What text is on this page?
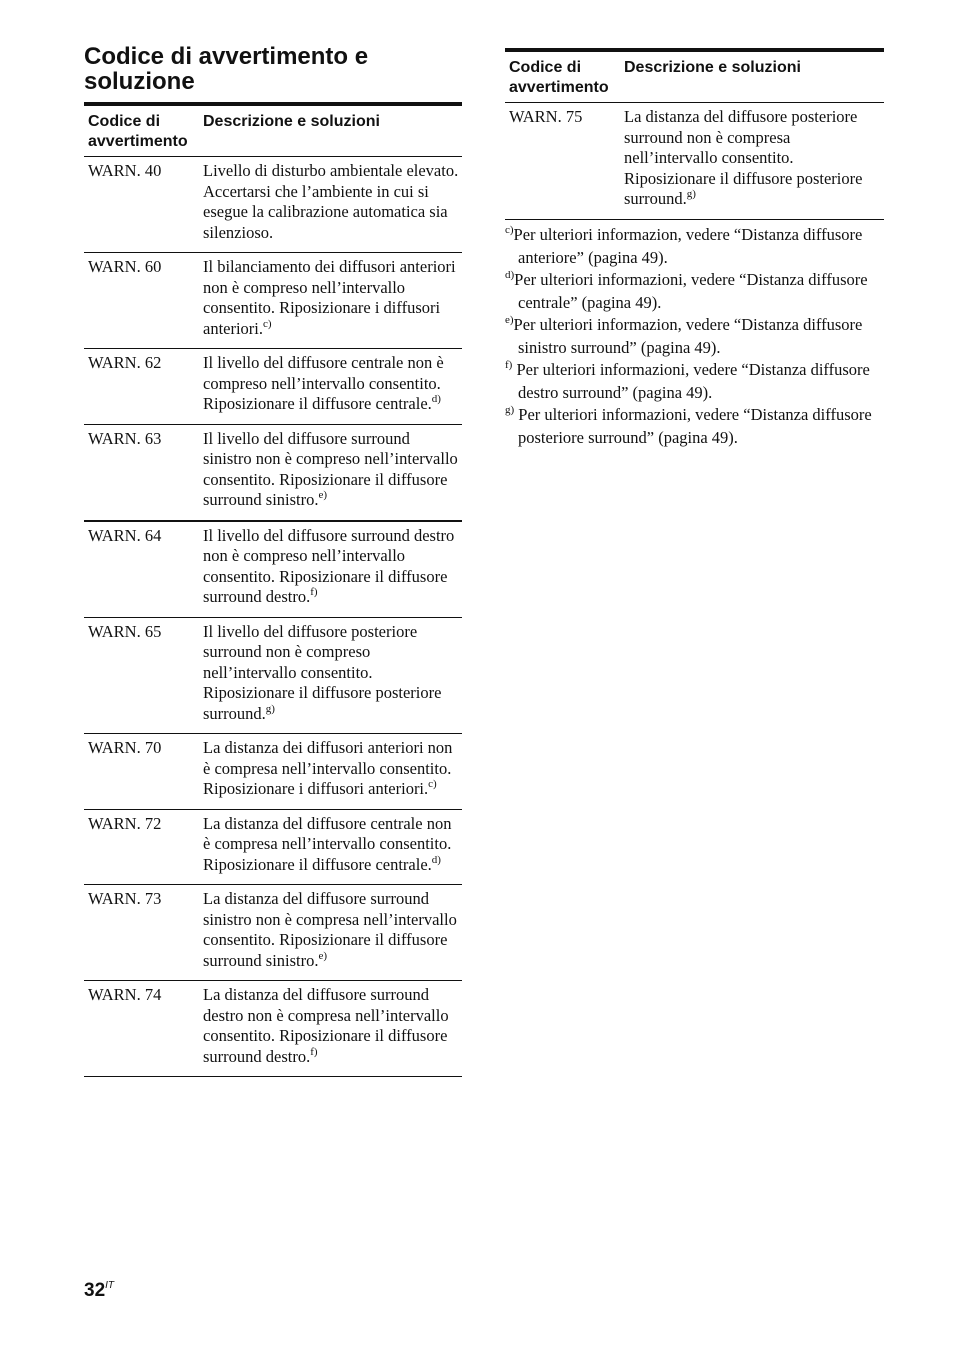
Codice di avvertimento e soluzione
Codice di avvertimento
Descrizione e soluzioni
WARN. 40	Livello di disturbo ambientale elevato. Accertarsi che l’ambiente in cui si esegue la calibrazione automatica sia silenzioso.
WARN. 60	Il bilanciamento dei diffusori anteriori non è compreso nell’intervallo consentito. Riposizionare i diffusori anteriori.$^{c)}$
WARN. 62	Il livello del diffusore centrale non è compreso nell’intervallo consentito. Riposizionare il diffusore centrale.$^{d)}$
WARN. 63	Il livello del diffusore surround sinistro non è compreso nell’intervallo consentito. Riposizionare il diffusore surround sinistro.$^{e)}$
WARN. 64	Il livello del diffusore surround destro non è compreso nell’intervallo consentito. Riposizionare il diffusore surround destro.$^{f)}$
WARN. 65	Il livello del diffusore posteriore surround non è compreso nell’intervallo consentito. Riposizionare il diffusore posteriore surround.$^{g)}$
WARN. 70	La distanza dei diffusori anteriori non è compresa nell’intervallo consentito. Riposizionare i diffusori anteriori.$^{c)}$
WARN. 72	La distanza del diffusore centrale non è compresa nell’intervallo consentito. Riposizionare il diffusore centrale.$^{d)}$
WARN. 73	La distanza del diffusore surround sinistro non è compresa nell’intervallo consentito. Riposizionare il diffusore surround sinistro.$^{e)}$
WARN. 74	La distanza del diffusore surround destro non è compresa nell’intervallo consentito. Riposizionare il diffusore surround destro.$^{f)}$
Codice di avvertimento
Descrizione e soluzioni
WARN. 75	La distanza del diffusore posteriore surround non è compresa nell’intervallo consentito. Riposizionare il diffusore posteriore surround.$^{g)}$

$^{c)}$Per ulteriori informazion, vedere “Distanza diffusore anteriore” (pagina 49).

$^{d)}$Per ulteriori informazioni, vedere “Distanza diffusore centrale” (pagina 49).

$^{e)}$Per ulteriori informazion, vedere “Distanza diffusore sinistro surround” (pagina 49).

$^{f)}$ Per ulteriori informazioni, vedere “Distanza diffusore destro surround” (pagina 49).

$^{g)}$ Per ulteriori informazioni, vedere “Distanza diffusore posteriore surround” (pagina 49).

$32^{IT}$
